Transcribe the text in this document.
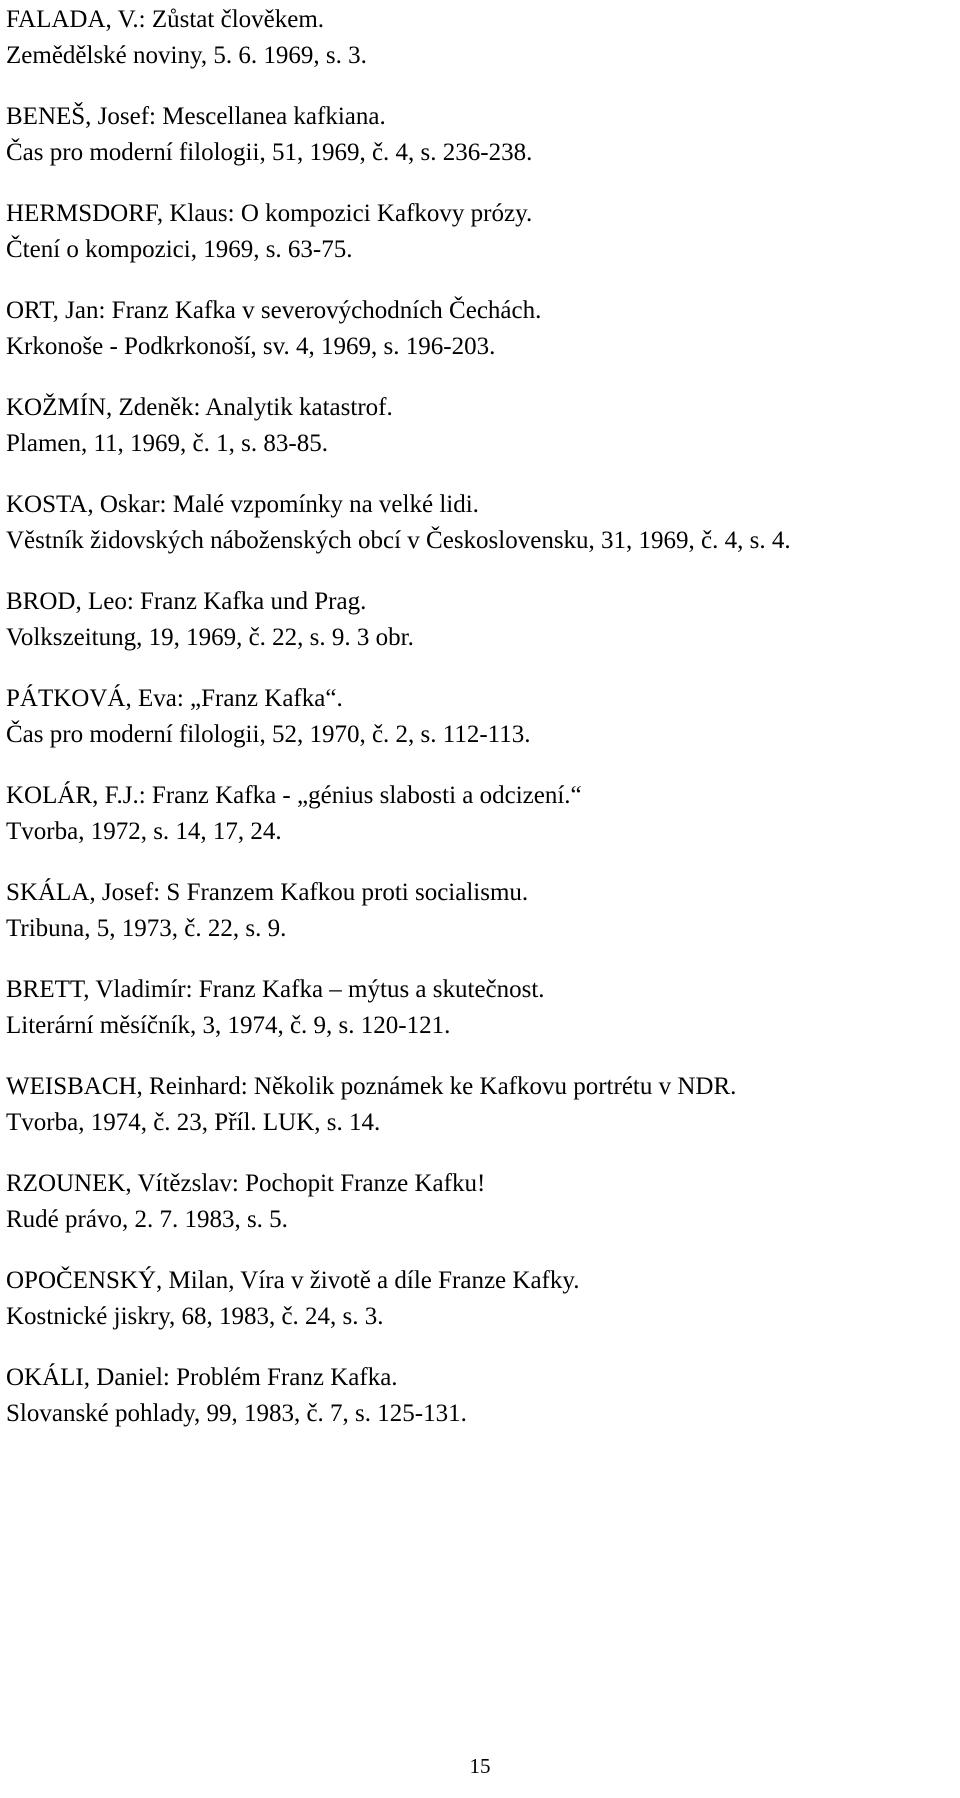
FALADA, V.: Zůstat člověkem.
Zemědělské noviny, 5. 6. 1969, s. 3.
BENEŠ, Josef: Mescellanea kafkiana.
Čas pro moderní filologii, 51, 1969, č. 4, s. 236-238.
HERMSDORF, Klaus: O kompozici Kafkovy prózy.
Čtení o kompozici, 1969, s. 63-75.
ORT, Jan: Franz Kafka v severovýchodních Čechách.
Krkonoše - Podkrkonoší, sv. 4, 1969, s. 196-203.
KOŽMÍN, Zdeněk: Analytik katastrof.
Plamen, 11, 1969, č. 1, s. 83-85.
KOSTA, Oskar: Malé vzpomínky na velké lidi.
Věstník židovských náboženských obcí v Československu, 31, 1969, č. 4, s. 4.
BROD, Leo: Franz Kafka und Prag.
Volkszeitung, 19, 1969, č. 22, s. 9. 3 obr.
PÁTKOVÁ, Eva: „Franz Kafka“.
Čas pro moderní filologii, 52, 1970, č. 2, s. 112-113.
KOLÁR, F.J.: Franz Kafka - „génius slabosti a odcizení.“
Tvorba, 1972, s. 14, 17, 24.
SKÁLA, Josef: S Franzem Kafkou proti socialismu.
Tribuna, 5, 1973, č. 22, s. 9.
BRETT, Vladimír: Franz Kafka – mýtus a skutečnost.
Literární měsíčník, 3, 1974, č. 9, s. 120-121.
WEISBACH, Reinhard: Několik poznámek ke Kafkovu portrétu v NDR.
Tvorba, 1974, č. 23, Příl. LUK, s. 14.
RZOUNEK, Vítězslav: Pochopit Franze Kafku!
Rudé právo, 2. 7. 1983, s. 5.
OPOČENSKÝ, Milan, Víra v životě a díle Franze Kafky.
Kostnické jiskry, 68, 1983, č. 24, s. 3.
OKÁLI, Daniel: Problém Franz Kafka.
Slovanské pohlady, 99, 1983, č. 7, s. 125-131.
15
